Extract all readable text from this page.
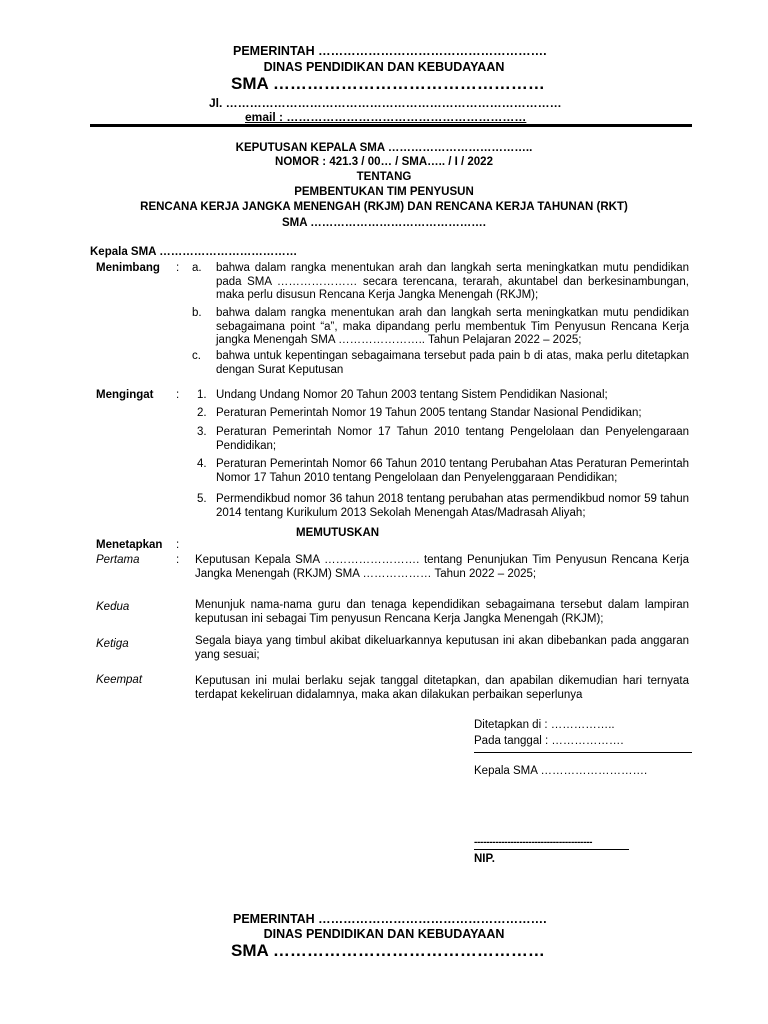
PEMERINTAH ……………………………………………….
DINAS PENDIDIKAN DAN KEBUDAYAAN
SMA …………………………………………
Jl. …………………………………………………………………………
email : ……………………………………………………
KEPUTUSAN KEPALA SMA ………………………………..
NOMOR : 421.3 / 00… / SMA….. / I / 2022
TENTANG
PEMBENTUKAN TIM PENYUSUN
RENCANA KERJA JANGKA MENENGAH (RKJM) DAN RENCANA KERJA TAHUNAN (RKT)
SMA ……………………………………….
Kepala SMA ………………………………
Menimbang : a. bahwa dalam rangka menentukan arah dan langkah serta meningkatkan mutu pendidikan pada SMA ………………… secara terencana, terarah, akuntabel dan berkesinambungan, maka perlu disusun Rencana Kerja Jangka Menengah (RKJM);
b. bahwa dalam rangka menentukan arah dan langkah serta meningkatkan mutu pendidikan sebagaimana point “a”, maka dipandang perlu membentuk Tim Penyusun Rencana Kerja jangka Menengah SMA ………………….. Tahun Pelajaran 2022 – 2025;
c. bahwa untuk kepentingan sebagaimana tersebut pada pain b di atas, maka perlu ditetapkan dengan Surat Keputusan
Mengingat : 1. Undang Undang Nomor 20 Tahun 2003 tentang Sistem Pendidikan Nasional;
2. Peraturan Pemerintah Nomor 19 Tahun 2005 tentang Standar Nasional Pendidikan;
3. Peraturan Pemerintah Nomor 17 Tahun 2010 tentang Pengelolaan dan Penyelengaraan Pendidikan;
4. Peraturan Pemerintah Nomor 66 Tahun 2010 tentang Perubahan Atas Peraturan Pemerintah Nomor 17 Tahun 2010 tentang Pengelolaan dan Penyelenggaraan Pendidikan;
5. Permendikbud nomor 36 tahun 2018 tentang perubahan atas permendikbud nomor 59 tahun 2014 tentang Kurikulum 2013 Sekolah Menengah Atas/Madrasah Aliyah;
MEMUTUSKAN
Menetapkan :
Pertama	: Keputusan Kepala SMA ……………………. tentang Penunjukan Tim Penyusun Rencana Kerja Jangka Menengah (RKJM) SMA ……………… Tahun 2022 – 2025;
Kedua	Menunjuk nama-nama guru dan tenaga kependidikan sebagaimana tersebut dalam lampiran keputusan ini sebagai Tim penyusun Rencana Kerja Jangka Menengah (RKJM);
Ketiga	Segala biaya yang timbul akibat dikeluarkannya keputusan ini akan dibebankan pada anggaran yang sesuai;
Keempat	Keputusan ini mulai berlaku sejak tanggal ditetapkan, dan apabilan dikemudian hari ternyata terdapat kekeliruan didalamnya, maka akan dilakukan perbaikan seperlunya
Ditetapkan di : ……………..
Pada tanggal : ……………….
Kepala SMA ……………………….
---------------------------------------
NIP.
PEMERINTAH ……………………………………………….
DINAS PENDIDIKAN DAN KEBUDAYAAN
SMA …………………………………………
